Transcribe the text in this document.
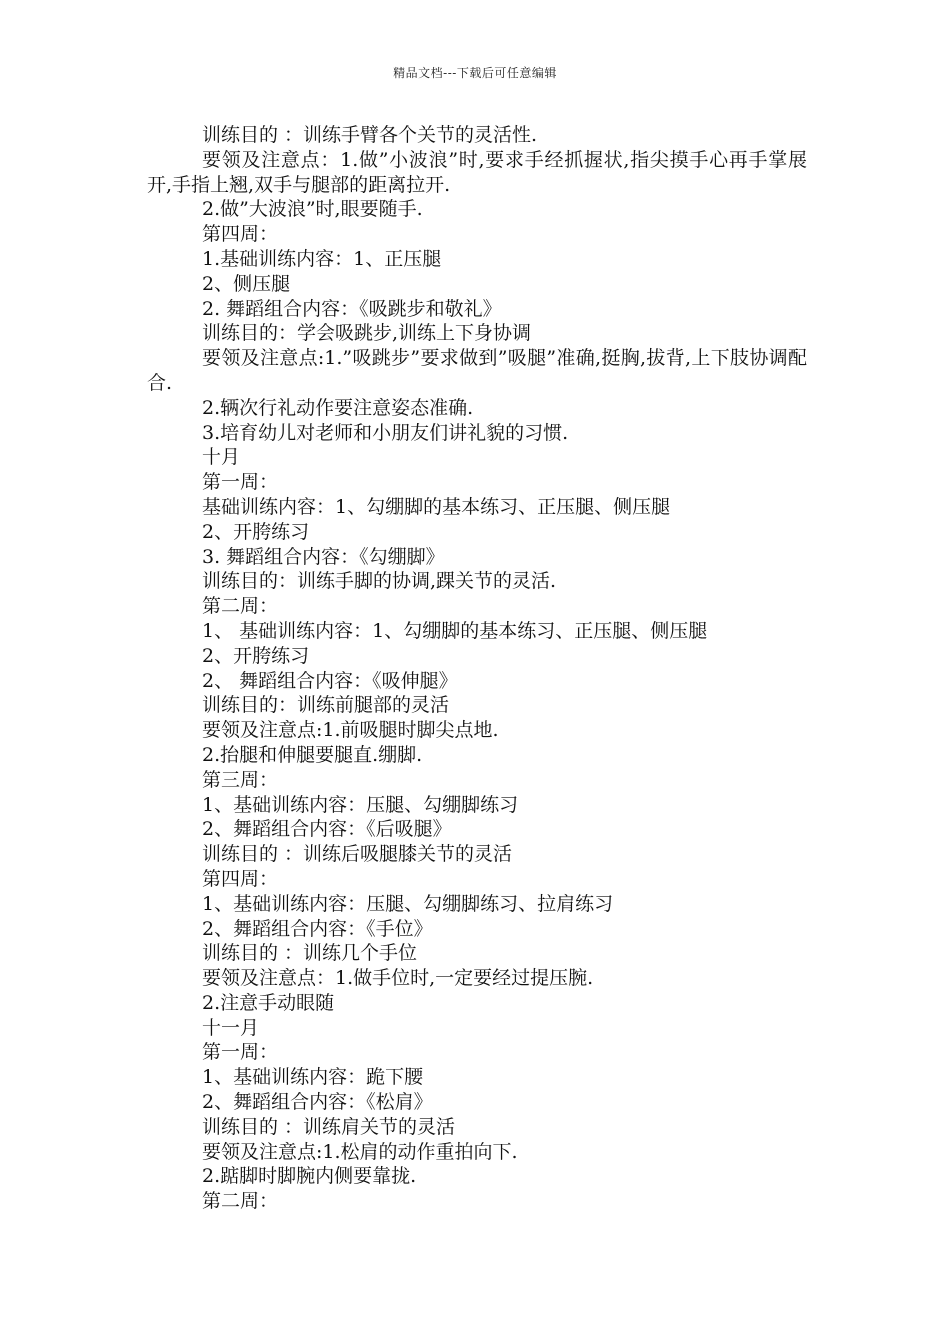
精品文档---下载后可任意编辑
训练目的 ：训练手臂各个关节的灵活性.
要领及注意点：1.做”小波浪”时,要求手经抓握状,指尖摸手心再手掌展开,手指上翘,双手与腿部的距离拉开.
2.做”大波浪”时,眼要随手.
第四周：
1.基础训练内容：1、正压腿
2、侧压腿
2. 舞蹈组合内容：《吸跳步和敬礼》
训练目的：学会吸跳步,训练上下身协调
要领及注意点:1.”吸跳步”要求做到”吸腿”准确,挺胸,拔背,上下肢协调配合.
2.辆次行礼动作要注意姿态准确.
3.培育幼儿对老师和小朋友们讲礼貌的习惯.
十月
第一周：
基础训练内容：1、勾绷脚的基本练习、正压腿、侧压腿
2、开胯练习
3. 舞蹈组合内容：《勾绷脚》
训练目的：训练手脚的协调,踝关节的灵活.
第二周：
1、 基础训练内容：1、勾绷脚的基本练习、正压腿、侧压腿
2、开胯练习
2、 舞蹈组合内容：《吸伸腿》
训练目的：训练前腿部的灵活
要领及注意点:1.前吸腿时脚尖点地.
2.抬腿和伸腿要腿直.绷脚.
第三周：
1、基础训练内容：压腿、勾绷脚练习
2、舞蹈组合内容：《后吸腿》
训练目的 ：训练后吸腿膝关节的灵活
第四周：
1、基础训练内容：压腿、勾绷脚练习、拉肩练习
2、舞蹈组合内容：《手位》
训练目的 ：训练几个手位
要领及注意点：1.做手位时,一定要经过提压腕.
2.注意手动眼随
十一月
第一周：
1、基础训练内容：跪下腰
2、舞蹈组合内容：《松肩》
训练目的 ：训练肩关节的灵活
要领及注意点:1.松肩的动作重拍向下.
2.踮脚时脚腕内侧要靠拢.
第二周：
